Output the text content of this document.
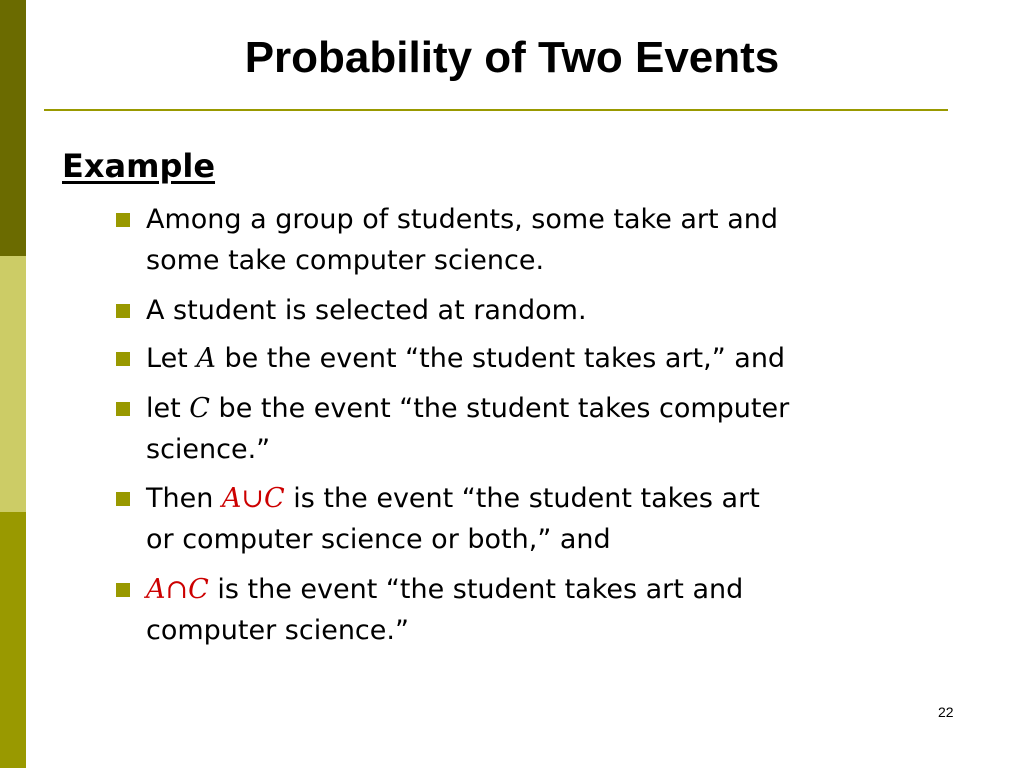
Probability of Two Events
Example
Among a group of students, some take art and
some take computer science.
A student is selected at random.
Let A be the event “the student takes art,” and
let C be the event “the student takes computer
science.”
Then A∪C is the event “the student takes art
or computer science or both,” and
A∩C is the event “the student takes art and
computer science.”
22
